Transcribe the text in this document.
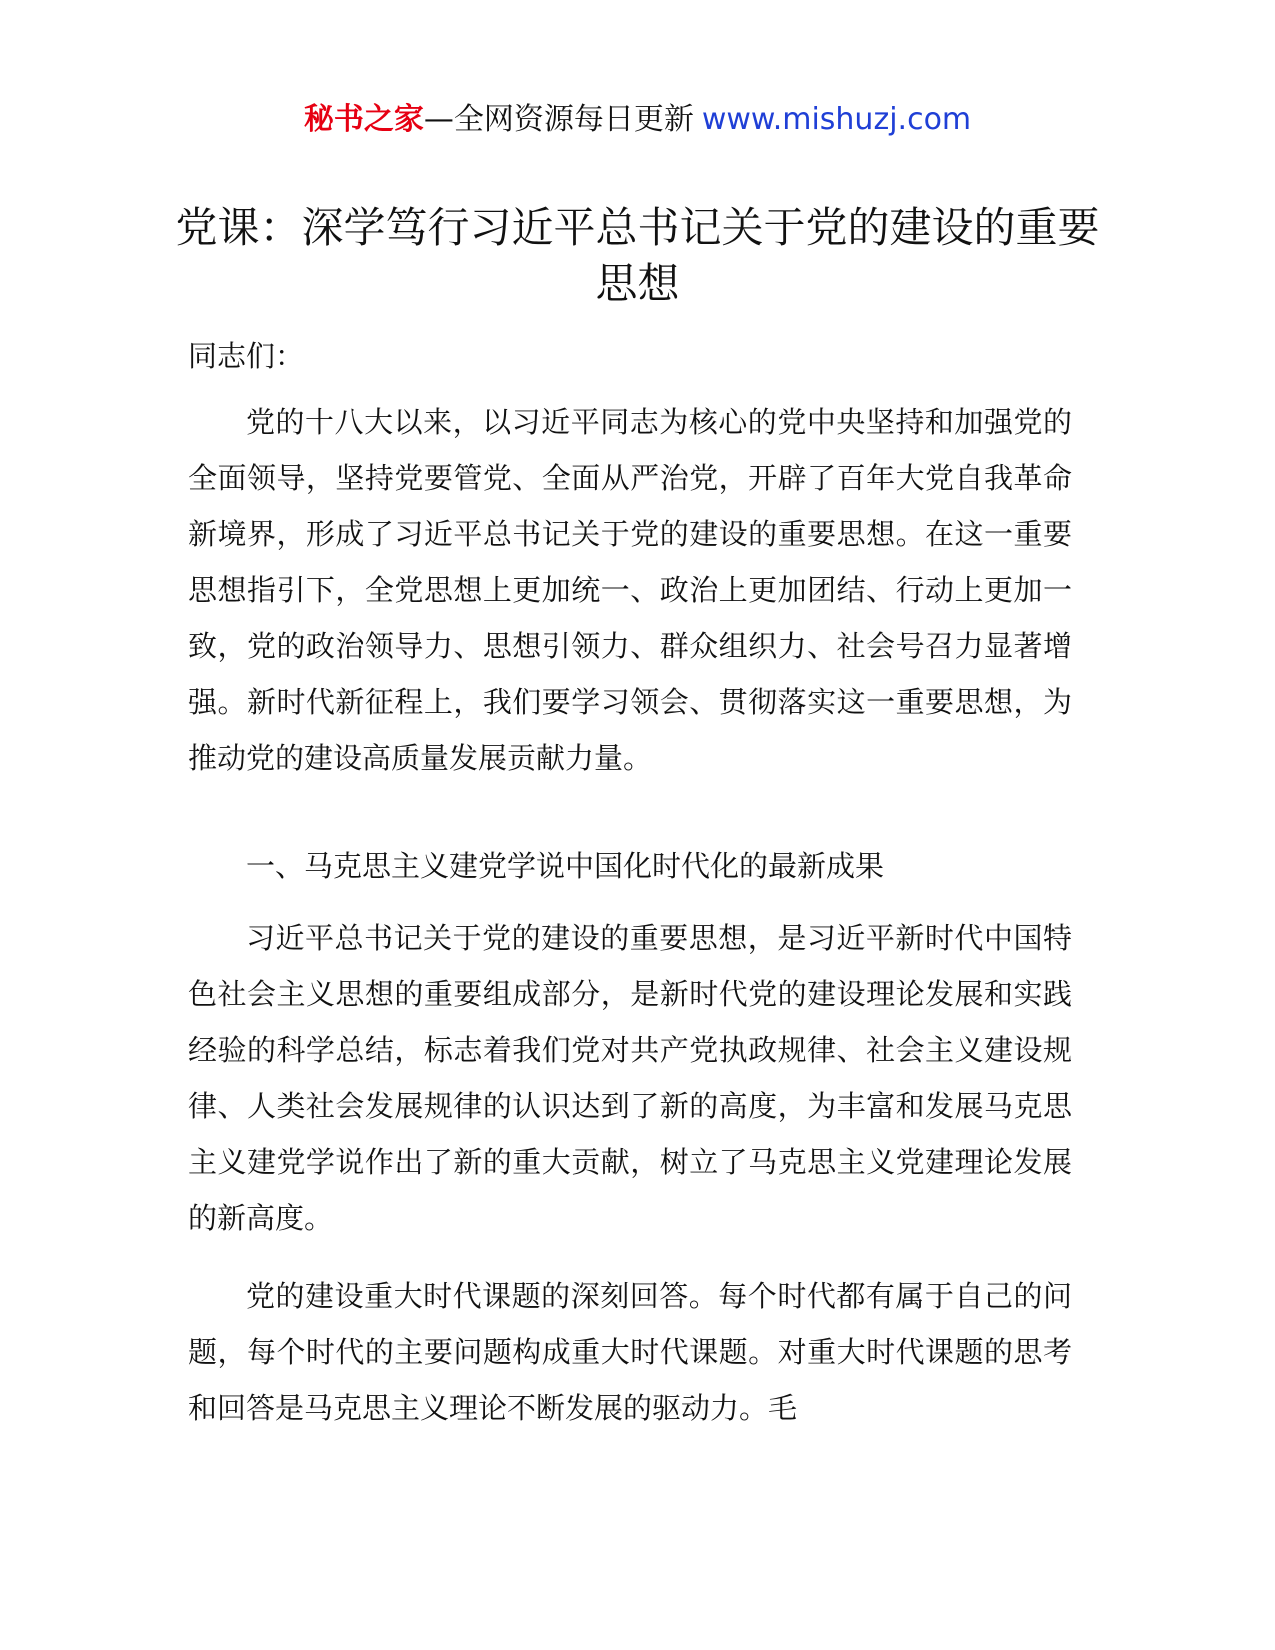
秘书之家—全网资源每日更新 www.mishuzj.com
党课：深学笃行习近平总书记关于党的建设的重要思想
同志们：

党的十八大以来，以习近平同志为核心的党中央坚持和加强党的全面领导，坚持党要管党、全面从严治党，开辟了百年大党自我革命新境界，形成了习近平总书记关于党的建设的重要思想。在这一重要思想指引下，全党思想上更加统一、政治上更加团结、行动上更加一致，党的政治领导力、思想引领力、群众组织力、社会号召力显著增强。新时代新征程上，我们要学习领会、贯彻落实这一重要思想，为推动党的建设高质量发展贡献力量。

一、马克思主义建党学说中国化时代化的最新成果

习近平总书记关于党的建设的重要思想，是习近平新时代中国特色社会主义思想的重要组成部分，是新时代党的建设理论发展和实践经验的科学总结，标志着我们党对共产党执政规律、社会主义建设规律、人类社会发展规律的认识达到了新的高度，为丰富和发展马克思主义建党学说作出了新的重大贡献，树立了马克思主义党建理论发展的新高度。

党的建设重大时代课题的深刻回答。每个时代都有属于自己的问题，每个时代的主要问题构成重大时代课题。对重大时代课题的思考和回答是马克思主义理论不断发展的驱动力。毛
